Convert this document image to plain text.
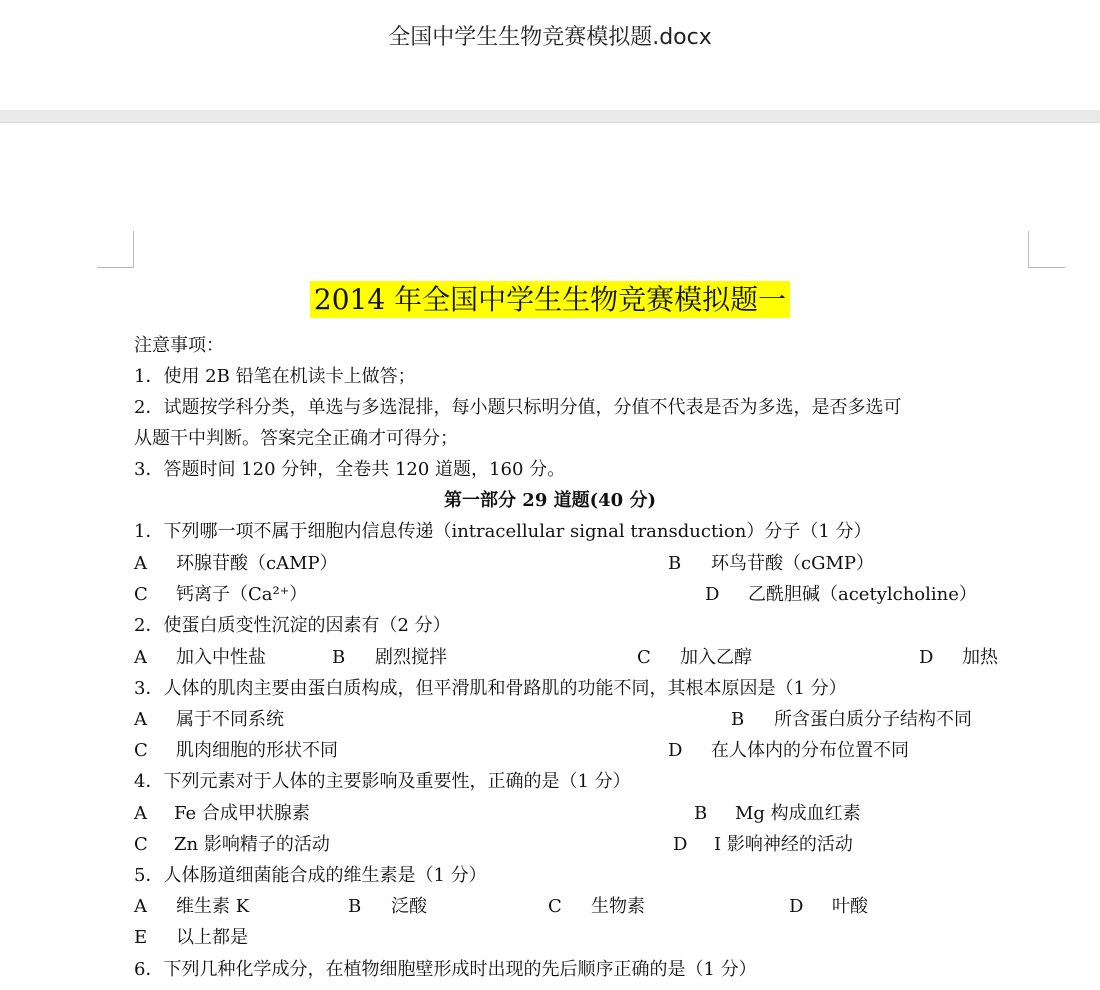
全国中学生生物竞赛模拟题.docx
2014 年全国中学生生物竞赛模拟题一
注意事项：
1．使用 2B 铅笔在机读卡上做答；
2．试题按学科分类，单选与多选混排，每小题只标明分值，分值不代表是否为多选，是否多选可
从题干中判断。答案完全正确才可得分；
3．答题时间 120 分钟，全卷共 120 道题，160 分。
第一部分 29 道题(40 分)
1．下列哪一项不属于细胞内信息传递（intracellular signal transduction）分子（1 分）
A 环腺苷酸（cAMP）	B 环鸟苷酸（cGMP）
C 钙离子（Ca²⁺）	D 乙酰胆碱（acetylcholine）
2．使蛋白质变性沉淀的因素有（2 分）
A 加入中性盐	B 剧烈搅拌	C 加入乙醇	D 加热
3．人体的肌肉主要由蛋白质构成，但平滑肌和骨路肌的功能不同，其根本原因是（1 分）
A 属于不同系统	B 所含蛋白质分子结构不同
C 肌肉细胞的形状不同	D 在人体内的分布位置不同
4．下列元素对于人体的主要影响及重要性，正确的是（1 分）
A Fe 合成甲状腺素	B Mg 构成血红素
C Zn 影响精子的活动	D I 影响神经的活动
5．人体肠道细菌能合成的维生素是（1 分）
A 维生素 K	B 泛酸	C 生物素	D 叶酸
E 以上都是
6．下列几种化学成分，在植物细胞壁形成时出现的先后顺序正确的是（1 分）
